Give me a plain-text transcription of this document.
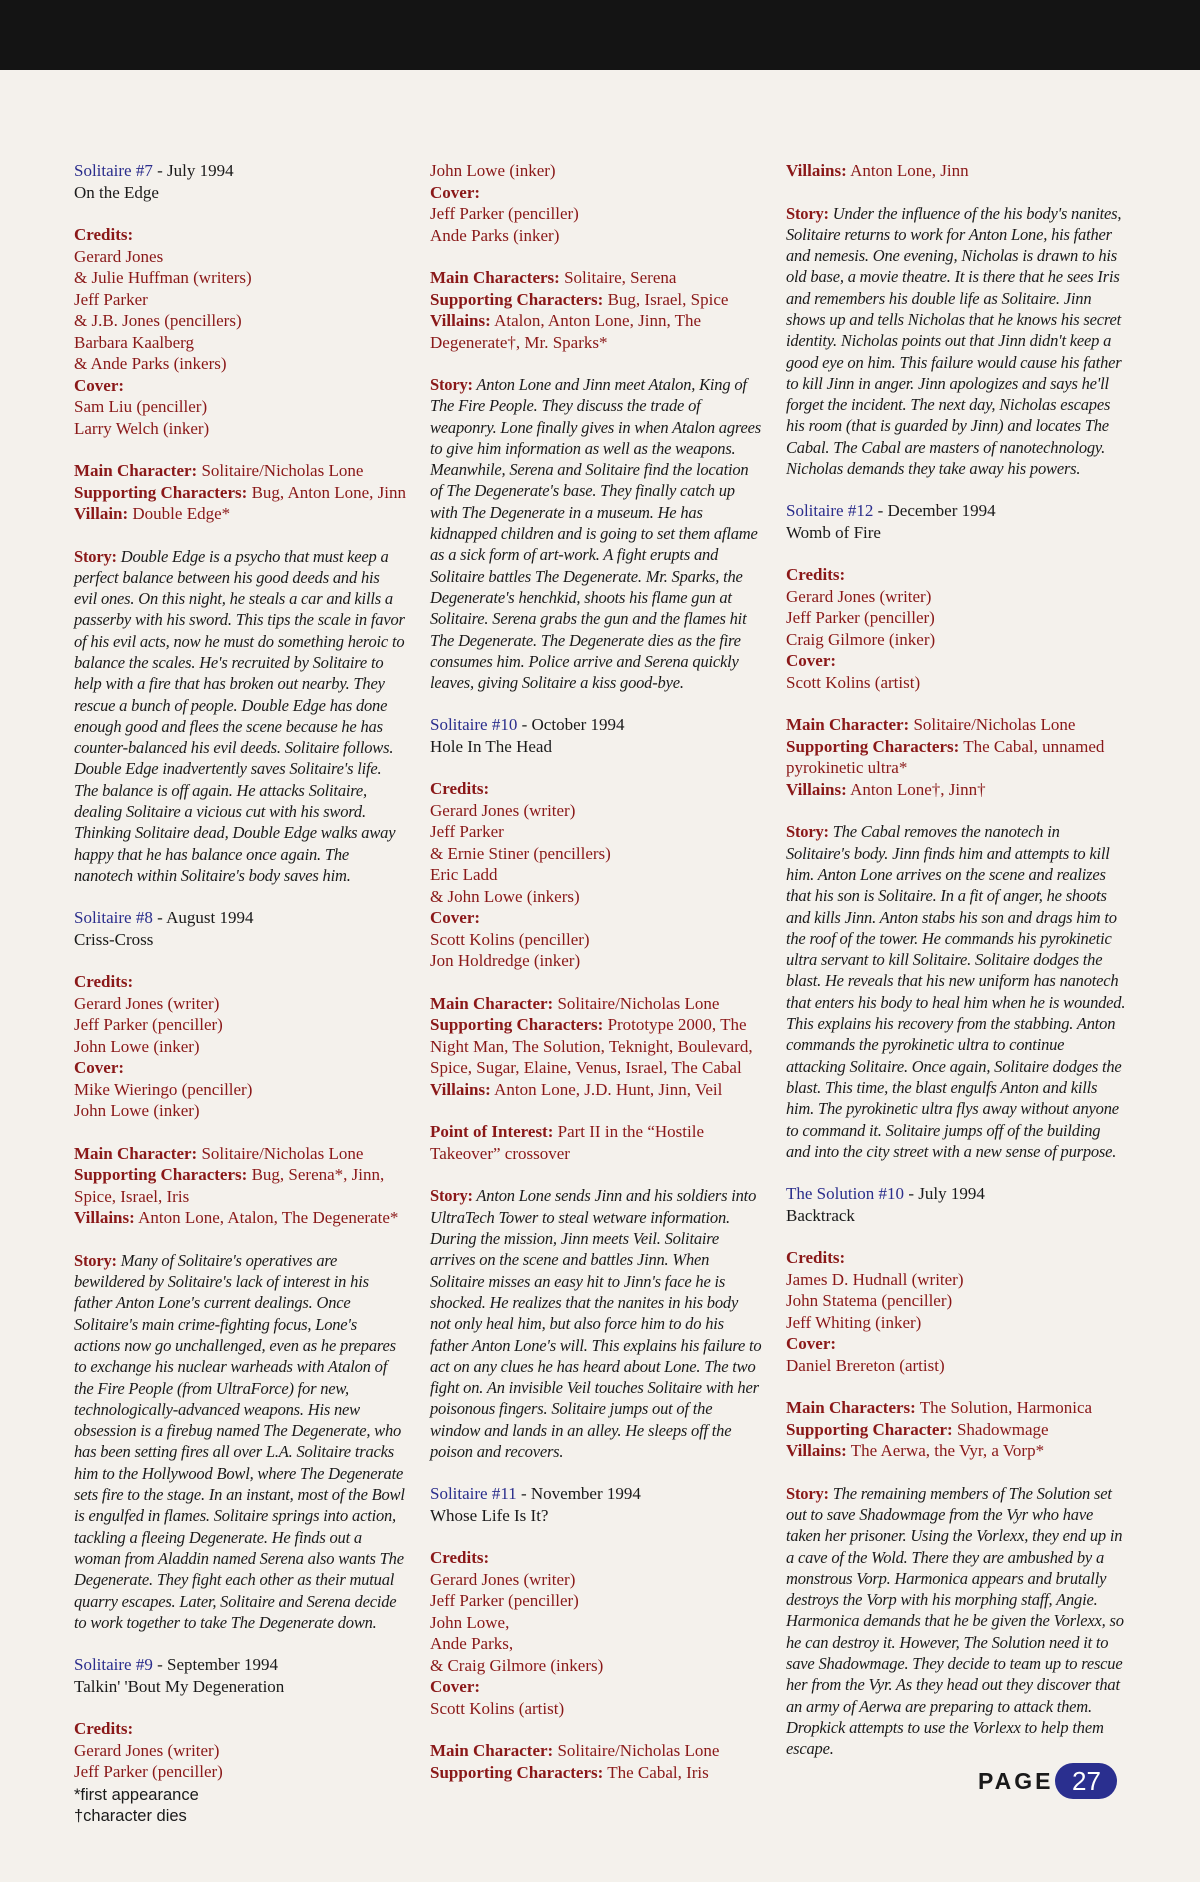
Solitaire #7 - July 1994
On the Edge
Credits:
Gerard Jones
& Julie Huffman (writers)
Jeff Parker
& J.B. Jones (pencillers)
Barbara Kaalberg
& Ande Parks (inkers)
Cover:
Sam Liu (penciller)
Larry Welch (inker)
Main Character: Solitaire/Nicholas Lone
Supporting Characters: Bug, Anton Lone, Jinn
Villain: Double Edge*
Story: Double Edge is a psycho that must keep a perfect balance between his good deeds and his evil ones. On this night, he steals a car and kills a passerby with his sword. This tips the scale in favor of his evil acts, now he must do something heroic to balance the scales. He's recruited by Solitaire to help with a fire that has broken out nearby. They rescue a bunch of people. Double Edge has done enough good and flees the scene because he has counter-balanced his evil deeds. Solitaire follows. Double Edge inadvertently saves Solitaire's life. The balance is off again. He attacks Solitaire, dealing Solitaire a vicious cut with his sword. Thinking Solitaire dead, Double Edge walks away happy that he has balance once again. The nanotech within Solitaire's body saves him.
Solitaire #8 - August 1994
Criss-Cross
Credits:
Gerard Jones (writer)
Jeff Parker (penciller)
John Lowe (inker)
Cover:
Mike Wieringo (penciller)
John Lowe (inker)
Main Character: Solitaire/Nicholas Lone
Supporting Characters: Bug, Serena*, Jinn, Spice, Israel, Iris
Villains: Anton Lone, Atalon, The Degenerate*
Story: Many of Solitaire's operatives are bewildered by Solitaire's lack of interest in his father Anton Lone's current dealings. Once Solitaire's main crime-fighting focus, Lone's actions now go unchallenged, even as he prepares to exchange his nuclear warheads with Atalon of the Fire People (from UltraForce) for new, technologically-advanced weapons. His new obsession is a firebug named The Degenerate, who has been setting fires all over L.A. Solitaire tracks him to the Hollywood Bowl, where The Degenerate sets fire to the stage. In an instant, most of the Bowl is engulfed in flames. Solitaire springs into action, tackling a fleeing Degenerate. He finds out a woman from Aladdin named Serena also wants The Degenerate. They fight each other as their mutual quarry escapes. Later, Solitaire and Serena decide to work together to take The Degenerate down.
Solitaire #9 - September 1994
Talkin' 'Bout My Degeneration
Credits:
Gerard Jones (writer)
Jeff Parker (penciller)
John Lowe (inker)
Cover:
Jeff Parker (penciller)
Ande Parks (inker)
Main Characters: Solitaire, Serena
Supporting Characters: Bug, Israel, Spice
Villains: Atalon, Anton Lone, Jinn, The Degenerate†, Mr. Sparks*
Story: Anton Lone and Jinn meet Atalon, King of The Fire People. They discuss the trade of weaponry. Lone finally gives in when Atalon agrees to give him information as well as the weapons. Meanwhile, Serena and Solitaire find the location of The Degenerate's base. They finally catch up with The Degenerate in a museum. He has kidnapped children and is going to set them aflame as a sick form of art-work. A fight erupts and Solitaire battles The Degenerate. Mr. Sparks, the Degenerate's henchkid, shoots his flame gun at Solitaire. Serena grabs the gun and the flames hit The Degenerate. The Degenerate dies as the fire consumes him. Police arrive and Serena quickly leaves, giving Solitaire a kiss good-bye.
Solitaire #10 - October 1994
Hole In The Head
Credits:
Gerard Jones (writer)
Jeff Parker
& Ernie Stiner (pencillers)
Eric Ladd
& John Lowe (inkers)
Cover:
Scott Kolins (penciller)
Jon Holdredge (inker)
Main Character: Solitaire/Nicholas Lone
Supporting Characters: Prototype 2000, The Night Man, The Solution, Teknight, Boulevard, Spice, Sugar, Elaine, Venus, Israel, The Cabal
Villains: Anton Lone, J.D. Hunt, Jinn, Veil
Point of Interest: Part II in the “Hostile Takeover” crossover
Story: Anton Lone sends Jinn and his soldiers into UltraTech Tower to steal wetware information. During the mission, Jinn meets Veil. Solitaire arrives on the scene and battles Jinn. When Solitaire misses an easy hit to Jinn's face he is shocked. He realizes that the nanites in his body not only heal him, but also force him to do his father Anton Lone's will. This explains his failure to act on any clues he has heard about Lone. The two fight on. An invisible Veil touches Solitaire with her poisonous fingers. Solitaire jumps out of the window and lands in an alley. He sleeps off the poison and recovers.
Solitaire #11 - November 1994
Whose Life Is It?
Credits:
Gerard Jones (writer)
Jeff Parker (penciller)
John Lowe,
Ande Parks,
& Craig Gilmore (inkers)
Cover:
Scott Kolins (artist)
Main Character: Solitaire/Nicholas Lone
Supporting Characters: The Cabal, Iris
Villains: Anton Lone, Jinn
Story: Under the influence of the his body's nanites, Solitaire returns to work for Anton Lone, his father and nemesis. One evening, Nicholas is drawn to his old base, a movie theatre. It is there that he sees Iris and remembers his double life as Solitaire. Jinn shows up and tells Nicholas that he knows his secret identity. Nicholas points out that Jinn didn't keep a good eye on him. This failure would cause his father to kill Jinn in anger. Jinn apologizes and says he'll forget the incident. The next day, Nicholas escapes his room (that is guarded by Jinn) and locates The Cabal. The Cabal are masters of nanotechnology. Nicholas demands they take away his powers.
Solitaire #12 - December 1994
Womb of Fire
Credits:
Gerard Jones (writer)
Jeff Parker (penciller)
Craig Gilmore (inker)
Cover:
Scott Kolins (artist)
Main Character: Solitaire/Nicholas Lone
Supporting Characters: The Cabal, unnamed pyrokinetic ultra*
Villains: Anton Lone†, Jinn†
Story: The Cabal removes the nanotech in Solitaire's body. Jinn finds him and attempts to kill him. Anton Lone arrives on the scene and realizes that his son is Solitaire. In a fit of anger, he shoots and kills Jinn. Anton stabs his son and drags him to the roof of the tower. He commands his pyrokinetic ultra servant to kill Solitaire. Solitaire dodges the blast. He reveals that his new uniform has nanotech that enters his body to heal him when he is wounded. This explains his recovery from the stabbing. Anton commands the pyrokinetic ultra to continue attacking Solitaire. Once again, Solitaire dodges the blast. This time, the blast engulfs Anton and kills him. The pyrokinetic ultra flys away without anyone to command it. Solitaire jumps off of the building and into the city street with a new sense of purpose.
The Solution #10 - July 1994
Backtrack
Credits:
James D. Hudnall (writer)
John Statema (penciller)
Jeff Whiting (inker)
Cover:
Daniel Brereton (artist)
Main Characters: The Solution, Harmonica
Supporting Character: Shadowmage
Villains: The Aerwa, the Vyr, a Vorp*
Story: The remaining members of The Solution set out to save Shadowmage from the Vyr who have taken her prisoner. Using the Vorlexx, they end up in a cave of the Wold. There they are ambushed by a monstrous Vorp. Harmonica appears and brutally destroys the Vorp with his morphing staff, Angie. Harmonica demands that he be given the Vorlexx, so he can destroy it. However, The Solution need it to save Shadowmage. They decide to team up to rescue her from the Vyr. As they head out they discover that an army of Aerwa are preparing to attack them. Dropkick attempts to use the Vorlexx to help them escape.
*first appearance
†character dies
PAGE 27
